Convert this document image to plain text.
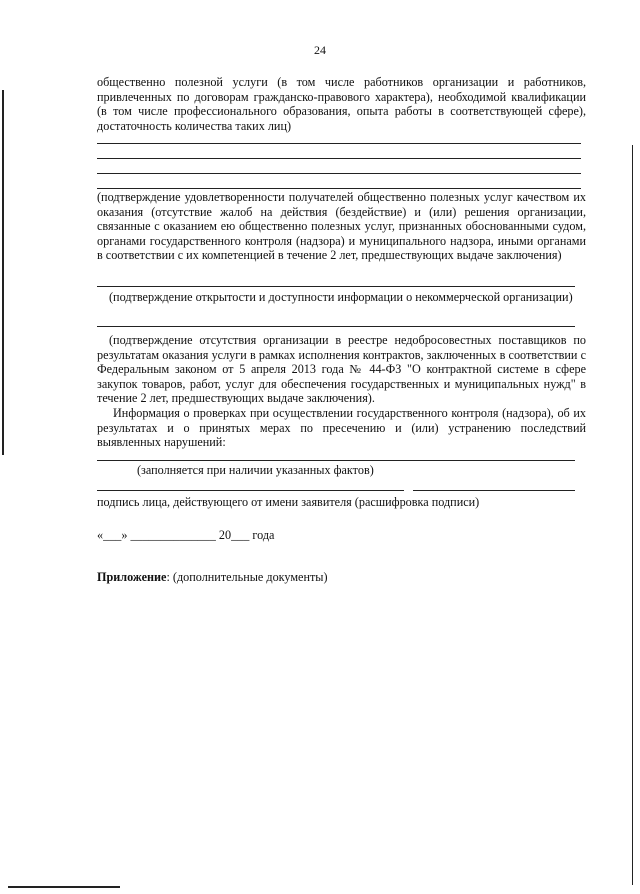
24
общественно полезной услуги (в том числе работников организации и работников, привлеченных по договорам гражданско-правового характера), необходимой квалификации (в том числе профессионального образования, опыта работы в соответствующей сфере), достаточность количества таких лиц)
(подтверждение удовлетворенности получателей общественно полезных услуг качеством их оказания (отсутствие жалоб на действия (бездействие) и (или) решения организации, связанные с оказанием ею общественно полезных услуг, признанных обоснованными судом, органами государственного контроля (надзора) и муниципального надзора, иными органами в соответствии с их компетенцией в течение 2 лет, предшествующих выдаче заключения)
(подтверждение открытости и доступности информации о некоммерческой организации)
(подтверждение отсутствия организации в реестре недобросовестных поставщиков по результатам оказания услуги в рамках исполнения контрактов, заключенных в соответствии с Федеральным законом от 5 апреля 2013 года № 44-ФЗ "О контрактной системе в сфере закупок товаров, работ, услуг для обеспечения государственных и муниципальных нужд" в течение 2 лет, предшествующих выдаче заключения).
Информация о проверках при осуществлении государственного контроля (надзора), об их результатах и о принятых мерах по пресечению и (или) устранению последствий выявленных нарушений:
(заполняется при наличии указанных фактов)
подпись лица, действующего от имени заявителя (расшифровка подписи)
«___» ______________ 20___ года
Приложение: (дополнительные документы)
